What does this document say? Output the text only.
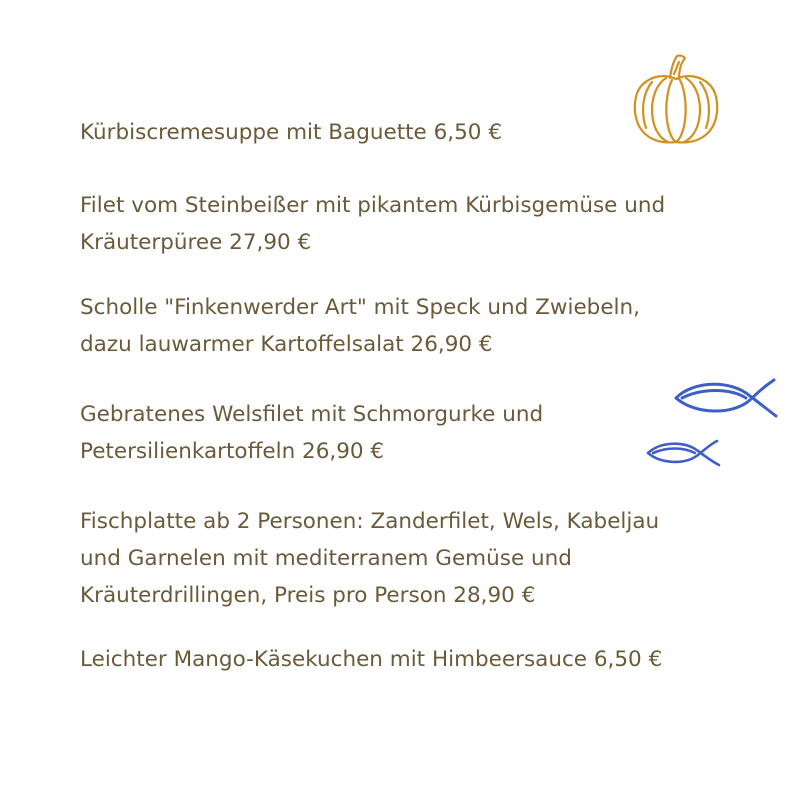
Kürbiscremesuppe mit Baguette 6,50 €
Filet vom Steinbeißer mit pikantem Kürbisgemüse und
Kräuterpüree 27,90 €
Scholle "Finkenwerder Art" mit Speck und Zwiebeln,
dazu lauwarmer Kartoffelsalat 26,90 €
Gebratenes Welsfilet mit Schmorgurke und
Petersilienkartoffeln 26,90 €
Fischplatte ab 2 Personen: Zanderfilet, Wels, Kabeljau
und Garnelen mit mediterranem Gemüse und
Kräuterdrillingen, Preis pro Person 28,90 €
Leichter Mango-Käsekuchen mit Himbeersauce 6,50 €
